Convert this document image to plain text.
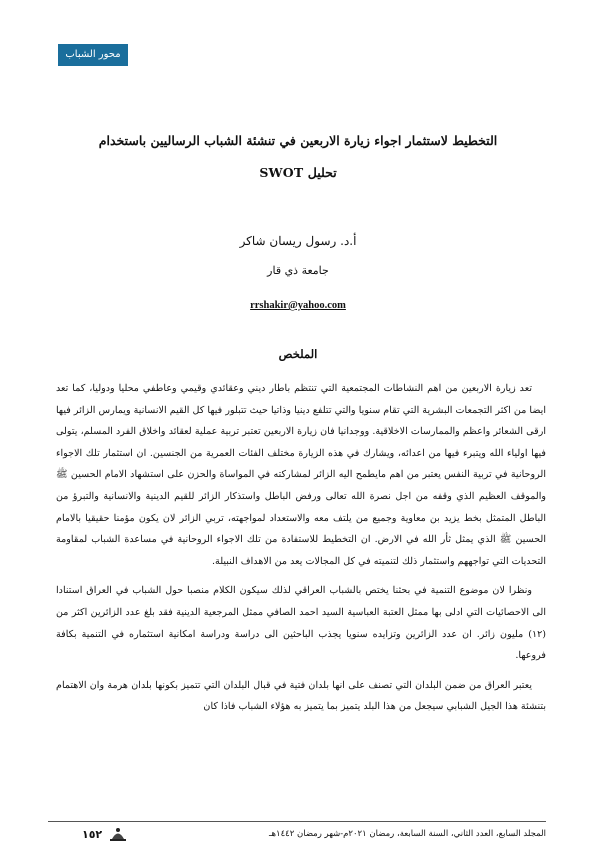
محور الشباب
التخطيط لاستثمار اجواء زيارة الاربعين في تنشئة الشباب الرساليين باستخدام
تحليل SWOT
أ.د. رسول ريسان شاكر
جامعة ذي قار
rrshakir@yahoo.com
الملخص

تعد زيارة الاربعين من اهم النشاطات المجتمعية التي تنتظم باطار ديني وعقائدي وقيمي وعاطفي محليا ودوليا، كما تعد ايضا من اكثر التجمعات البشرية التي تقام سنويا والتي تتلفع دينيا وذاتيا حيث تتبلور فيها كل القيم الانسانية ويمارس الزائر فيها ارقى الشعائر واعظم والممارسات الاخلاقية. ووجدانيا فان زيارة الاربعين تعتبر تربية عملية لعقائد واخلاق الفرد المسلم، يتولى فيها اولياء الله ويتبرء فيها من اعدائه، ويشارك في هذه الزيارة مختلف الفئات العمرية من الجنسين. ان استثمار تلك الاجواء الروحانية في تربية النفس يعتبر من اهم مايطمح اليه الزائر لمشاركته في المواساة والحزن على استشهاد الامام الحسين ﷺ والموقف العظيم الذي وقفه من اجل نصرة الله تعالى ورفض الباطل واستذكار الزائر للقيم الدينية والانسانية والتبرؤ من الباطل المتمثل بخط يزيد بن معاوية وجميع من يلتف معه والاستعداد لمواجهته، تربي الزائر لان يكون مؤمنا حقيقيا بالامام الحسين ﷺ الذي يمثل ثأر الله في الارض. ان التخطيط للاستفادة من تلك الاجواء الروحانية في مساعدة الشباب لمقاومة التحديات التي تواجههم واستثمار ذلك لتنميته في كل المجالات يعد من الاهداف النبيلة.

ونظرا لان موضوع التنمية في بحثنا يختص بالشباب العراقي لذلك سيكون الكلام منصبا حول الشباب في العراق استنادا الى الاحصائيات التي ادلى بها ممثل العتبة العباسية السيد احمد الصافي ممثل المرجعية الدينية فقد بلغ عدد الزائرين اكثر من (١٢) مليون زائر. ان عدد الزائرين وتزايده سنويا يجذب الباحثين الى دراسة ودراسة امكانية استثماره في التنمية بكافة فروعها.

يعتبر العراق من ضمن البلدان التي تصنف على انها بلدان فتية في قبال البلدان التي تتميز بكونها بلدان هرمة وان الاهتمام بتنشئة هذا الجيل الشبابي سيجعل من هذا البلد يتميز بما يتميز به هؤلاء الشباب فاذا كان

١٥٢	المجلد السابع، العدد الثاني، السنة السابعة، رمضان ٢٠٢١م-شهر رمضان ١٤٤٢هـ
